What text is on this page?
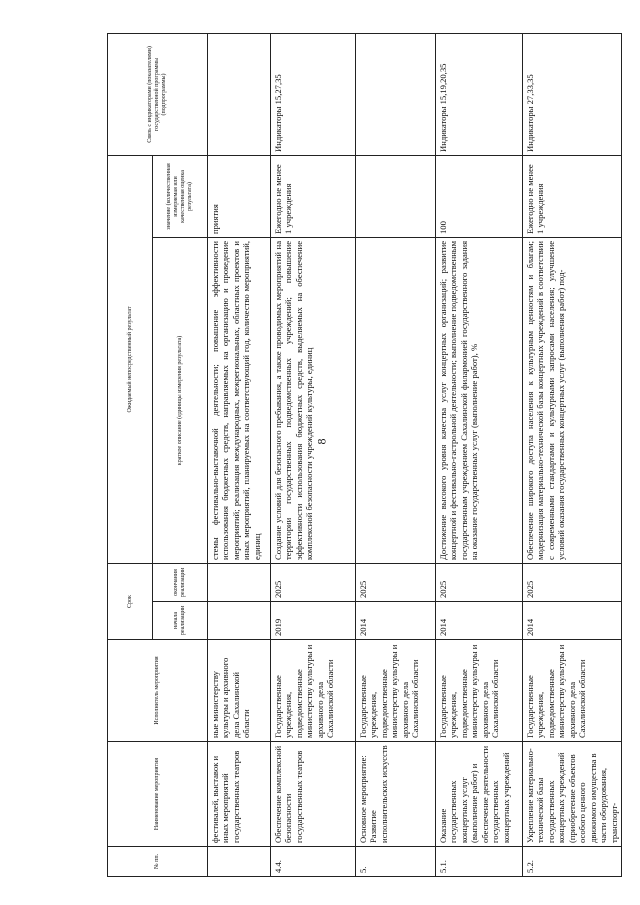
8
№ пп.	Наименование мероприятия	Исполнитель мероприятия	Срок		Ожидаемый непосредственный результат		Связь с индикаторами (показателями) государственной программы (подпрограммы)
			начала реализации	окончания реализации	краткое описание (единицы измерения результата)	значение (количественная измеряемая или качественная оценка результата)	
	фестивалей, выставок и иных мероприятий государственных театров	ные министерству культуры и архивного дела Сахалинской области			стемы фестивально-выставочной деятельности; повышение эффективности использования бюджетных средств, направляемых на организацию и проведение мероприятий; реализация международных, межрегиональных, областных проектов и иных мероприятий, планируемых на соответствующий год, количество мероприятий, единиц	приятия	
4.4.	Обеспечение комплексной безопасности государственных театров	Государственные учреждения, подведомственные министерству культуры и архивного дела Сахалинской области	2019	2025	Создание условий для безопасного пребывания, а также проводимых мероприятий на территории государственных подведомственных учреждений; повышение эффективности использования бюджетных средств, выделяемых на обеспечение комплексной безопасности учреждений культуры, единиц	Ежегодно не менее 1 учреждения	Индикаторы 15,27,35
5.	Основное мероприятие: Развитие исполнительских искусств	Государственные учреждения, подведомственные министерству культуры и архивного дела Сахалинской области	2014	2025			
5.1.	Оказание государственных концертных услуг (выполнение работ) и обеспечение деятельности государственных концертных учреждений	Государственные учреждения, подведомственные министерству культуры и архивного дела Сахалинской области	2014	2025	Достижение высокого уровня качества услуг концертных организаций; развитие концертной и фестивально-гастрольной деятельности; выполнение подведомственным государственным учреждением Сахалинской филармонией государственного задания на оказание государственных услуг (выполнение работ), %	100	Индикаторы 15,19,20,35
5.2.	Укрепление материально-технической базы государственных концертных учреждений (приобретение объектов особого ценного движимого имущества в части оборудования, транспорт-	Государственные учреждения, подведомственные министерству культуры и архивного дела Сахалинской области	2014	2025	Обеспечение широкого доступа населения к культурным ценностям и благам; модернизация материально-технической базы концертных учреждений в соответствии с современными стандартами и культурными запросами населения; улучшение условий оказания государственных концертных услуг (выполнения работ) под-	Ежегодно не менее 1 учреждения	Индикаторы 27,33,35
